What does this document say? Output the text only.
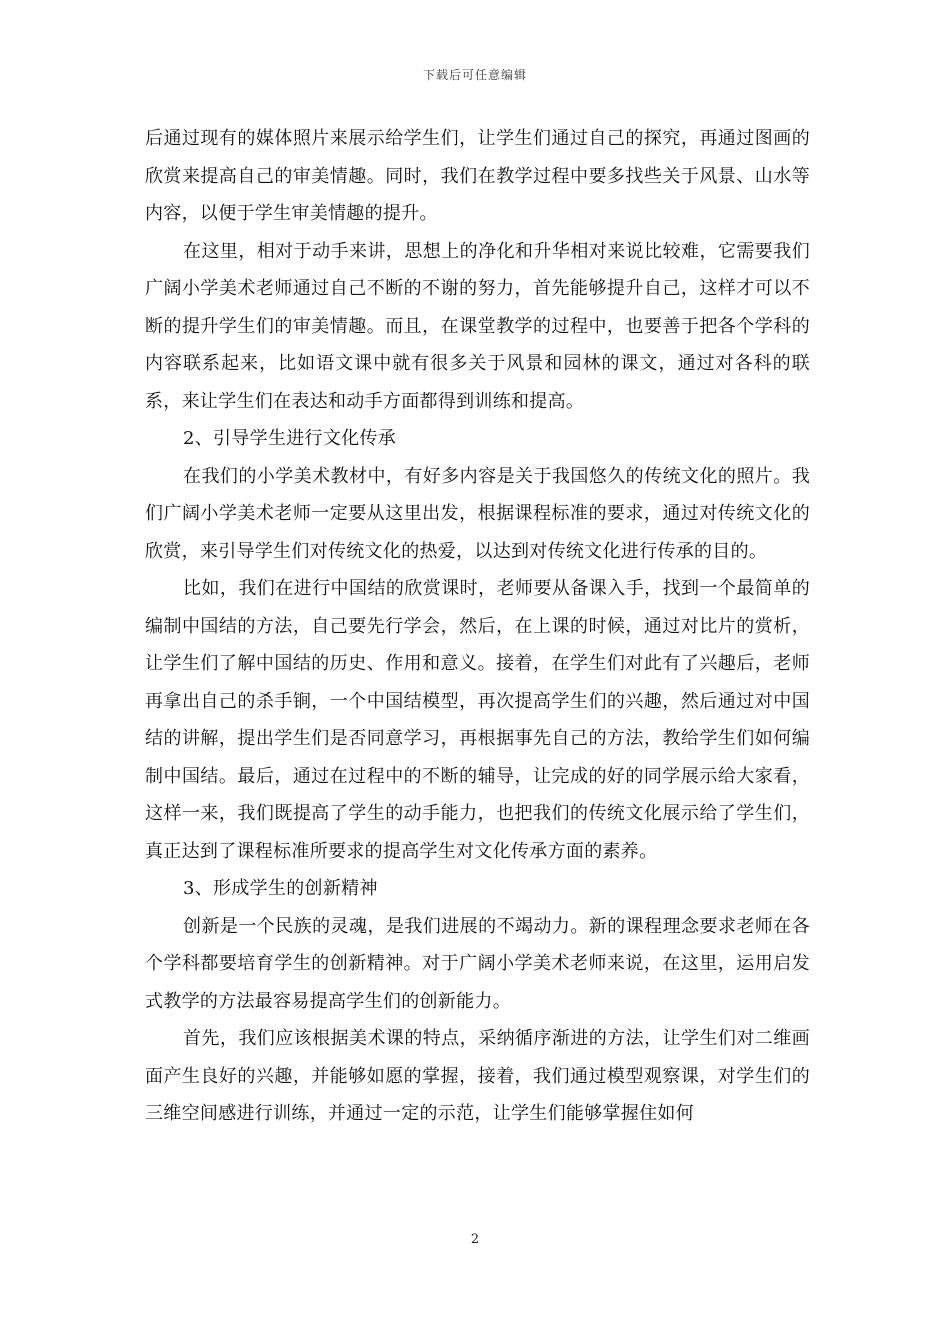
下载后可任意编辑

后通过现有的媒体照片来展示给学生们，让学生们通过自己的探究，再通过图画的欣赏来提高自己的审美情趣。同时，我们在教学过程中要多找些关于风景、山水等内容，以便于学生审美情趣的提升。

在这里，相对于动手来讲，思想上的净化和升华相对来说比较难，它需要我们广阔小学美术老师通过自己不断的不谢的努力，首先能够提升自己，这样才可以不断的提升学生们的审美情趣。而且，在课堂教学的过程中，也要善于把各个学科的内容联系起来，比如语文课中就有很多关于风景和园林的课文，通过对各科的联系，来让学生们在表达和动手方面都得到训练和提高。

2、引导学生进行文化传承

在我们的小学美术教材中，有好多内容是关于我国悠久的传统文化的照片。我们广阔小学美术老师一定要从这里出发，根据课程标准的要求，通过对传统文化的欣赏，来引导学生们对传统文化的热爱，以达到对传统文化进行传承的目的。

比如，我们在进行中国结的欣赏课时，老师要从备课入手，找到一个最简单的编制中国结的方法，自己要先行学会，然后，在上课的时候，通过对比片的赏析，让学生们了解中国结的历史、作用和意义。接着，在学生们对此有了兴趣后，老师再拿出自己的杀手锏，一个中国结模型，再次提高学生们的兴趣，然后通过对中国结的讲解，提出学生们是否同意学习，再根据事先自己的方法，教给学生们如何编制中国结。最后，通过在过程中的不断的辅导，让完成的好的同学展示给大家看，这样一来，我们既提高了学生的动手能力，也把我们的传统文化展示给了学生们，真正达到了课程标准所要求的提高学生对文化传承方面的素养。

3、形成学生的创新精神

创新是一个民族的灵魂，是我们进展的不竭动力。新的课程理念要求老师在各个学科都要培育学生的创新精神。对于广阔小学美术老师来说，在这里，运用启发式教学的方法最容易提高学生们的创新能力。

首先，我们应该根据美术课的特点，采纳循序渐进的方法，让学生们对二维画面产生良好的兴趣，并能够如愿的掌握，接着，我们通过模型观察课，对学生们的三维空间感进行训练，并通过一定的示范，让学生们能够掌握住如何

2
